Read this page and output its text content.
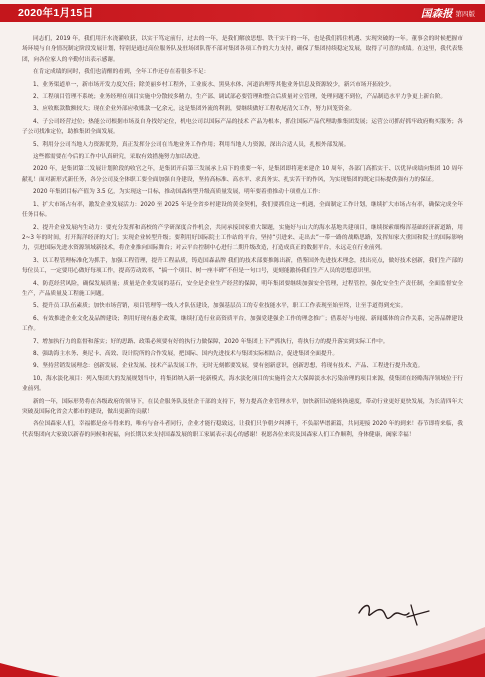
2020年1月15日	国森报 第四版

同志们，2019 年，我们用汗水浇灌收获，以实干笃定前行，过去的一年，是我们解放思想、铁干实干的一年，也是我们抓住机遇、实现突破的一年。董事会的时候把握市场环境与自身情况制定阶段发展计划，特别是通过高位服务队及驻场团队帮不部对集团各项工作的大力支持，确保了集团持续稳定发展，取得了可喜的成绩。在这里，我代表集团，向各位家人的辛勤付出表示感谢。

在肯定成绩的同时，我们也清醒的看到，全年工作还存在着很多不足：

1、业务渠道单一，新市场开发力度欠佳；除美丽乡村工程外，工业废水、黑臭水体、河道治理等其他业务信息及资源较少，新兴市场开拓较少。

2、工程项目管理不系统；业务经理在项目实施中分散较多精力，生产部、调试部必要管理和整合后质量对立管理，处理问题不到位，产品制造水平力争更上新台阶。

3、应收账款数额较大；现在企业外部应收账款一亿余元，这是集团外流的利润，要继续做好工程收尾清欠工作，努力回笼资金。

4、子公司经营过位；热能公司根据市场及自身找好定位，机电公司以国际产品的技术 产品为根本，抓住国际产品代理助推集团发展；运营公司抓好抓牢政府购买服务；各子公司找准定位，助推集团全面发展。

5、利用分公司当地人力资源优势，真正发挥分公司在当地业务工作作用；利用当地人力资源，深出合适人员，扎根外部发展。

这些都需要在今后的工作中认真研究，采取有效措施努力加以改进。

2020 年，是集团第二发展计划阶段的收官之年，是集团开启第三发展承上启下的重要一年，是集团即将迎来建企 10 周年，各部门高抓实干、以优异成绩向集团 10 周年献礼！面对新形式新任务，各分公司及全体职工要全面加强自身建设，坚持高标准、高水平、求真务实、扎实苦干的作风，为实现集团的既定目标提供强有力的保证。

2020 年集团目标产值为 3.5 亿，为实现这一目标，推动国森转型升级高质量发展，明年要着重推动十项重点工作：

1、扩大市场占有率，激发企业发展活力：2020 至 2025 年是全省乡村建设的黄金契机，我们要抓住这一机遇，全面制定工作计划，继续扩大市场占有率，确保完成全年任务目标。

2、提升企业发展内生动力：要充分发挥和高校的产学研深度合作机会，共同承接国家重大课题，实施好与山大的海水基地共建项目，继续探索细梅浑基础经济新道路，用 2~3 年的时间，打开海洋经济的大门；实现企业转型升级；要利用好国际院士工作站的平台，坚持“引进来、走出去”一带一路的战略思路，发挥知家大重国和院士的国际影响力，引进国际先进水资源领域新技术，将企业推向国际舞台；对云平台控制中心进行二期升级改造，打造成真正的数据平台，永远走在行业前列。

3、以工程管理标准化为抓手，加强工程管理，提升工程品质，铸造国森品牌 我们的技术部要推陈出新，借鉴国外先进技术理念，找出亮点，做好技术创新，我们生产部的每位员工，一定要用心做好每项工作，提高劳动效率，“搞一个项目、树一座丰碑”不但是一句口号，更刻能激扬我们生产人员的思想意识里。

4、防范经营风险，确保发展质量；质量是企业发展的基石，安全是企业生产经营的保障，明年集团要继续加强安全管理，过程管控，强化安全生产责任制，全面监督安全生产，产品质量及工程施工问题。

5、提升员工队伍素质；加快市场营销，项目管理等一线人才队伍建设，加强基层员工的专业技能水平，职工工作表现至始至终，让至手道得到充实。

6、有效推进企业文化及品牌建设；利用好现有惠企政策，继续打造行业高资质平台，加强党建强企工作的理念推广；借系好与电视、新闻媒体的合作关系，完善品牌建设工作。

7、增加执行力的监督和落实；好的思路、政策必须要有好的执行力做保障，2020 年集团上下严抓执行，将执行力的提升落实到实际工作中。

8、强助海主水务、奥尼卡、高效、设计院所的合作发展，把国际、国内先进技术与集团实际相结合，促进集团全面提升。

9、坚持营销发展理念：创新发展、企业发展、技术产品发展工作，无时无刻都要发展，要有创新意识，创新思想，将现有技术、产品、工程进行提升改造。

10、海水淡化项目：列入集团大的发展规划当中，将集团纳入新一轮新模式，海水淡化项目的实施将会大大保障淡水水污染治理的项目来源，使集团在经略海洋领域位于行业前列。

新的一年，国际形势将在各级政府的领导下，在民企服务队及驻企干部的支持下，努力提高企业管理水平，加快新旧动能转换速度，带动行业更好更快发展，为长清四年大突破及国际化省会大都市的建设，做出更新的贡献！

各位国森家人们，幸福都是奋斗得来的，唯有与奋斗者同行，企业才能行稳致远，让我们只争朝夕纠搏干，不负韶华谱新篇，共同迎接 2020 年的到来！春节即将来临，我代表集团向大家致以新春的问候和祝福，向长期以来支持国森发展的职工家属表示衷心的感谢！祝愿各位来宾及国森家人们工作顺利，身体健康，阖家幸福！
